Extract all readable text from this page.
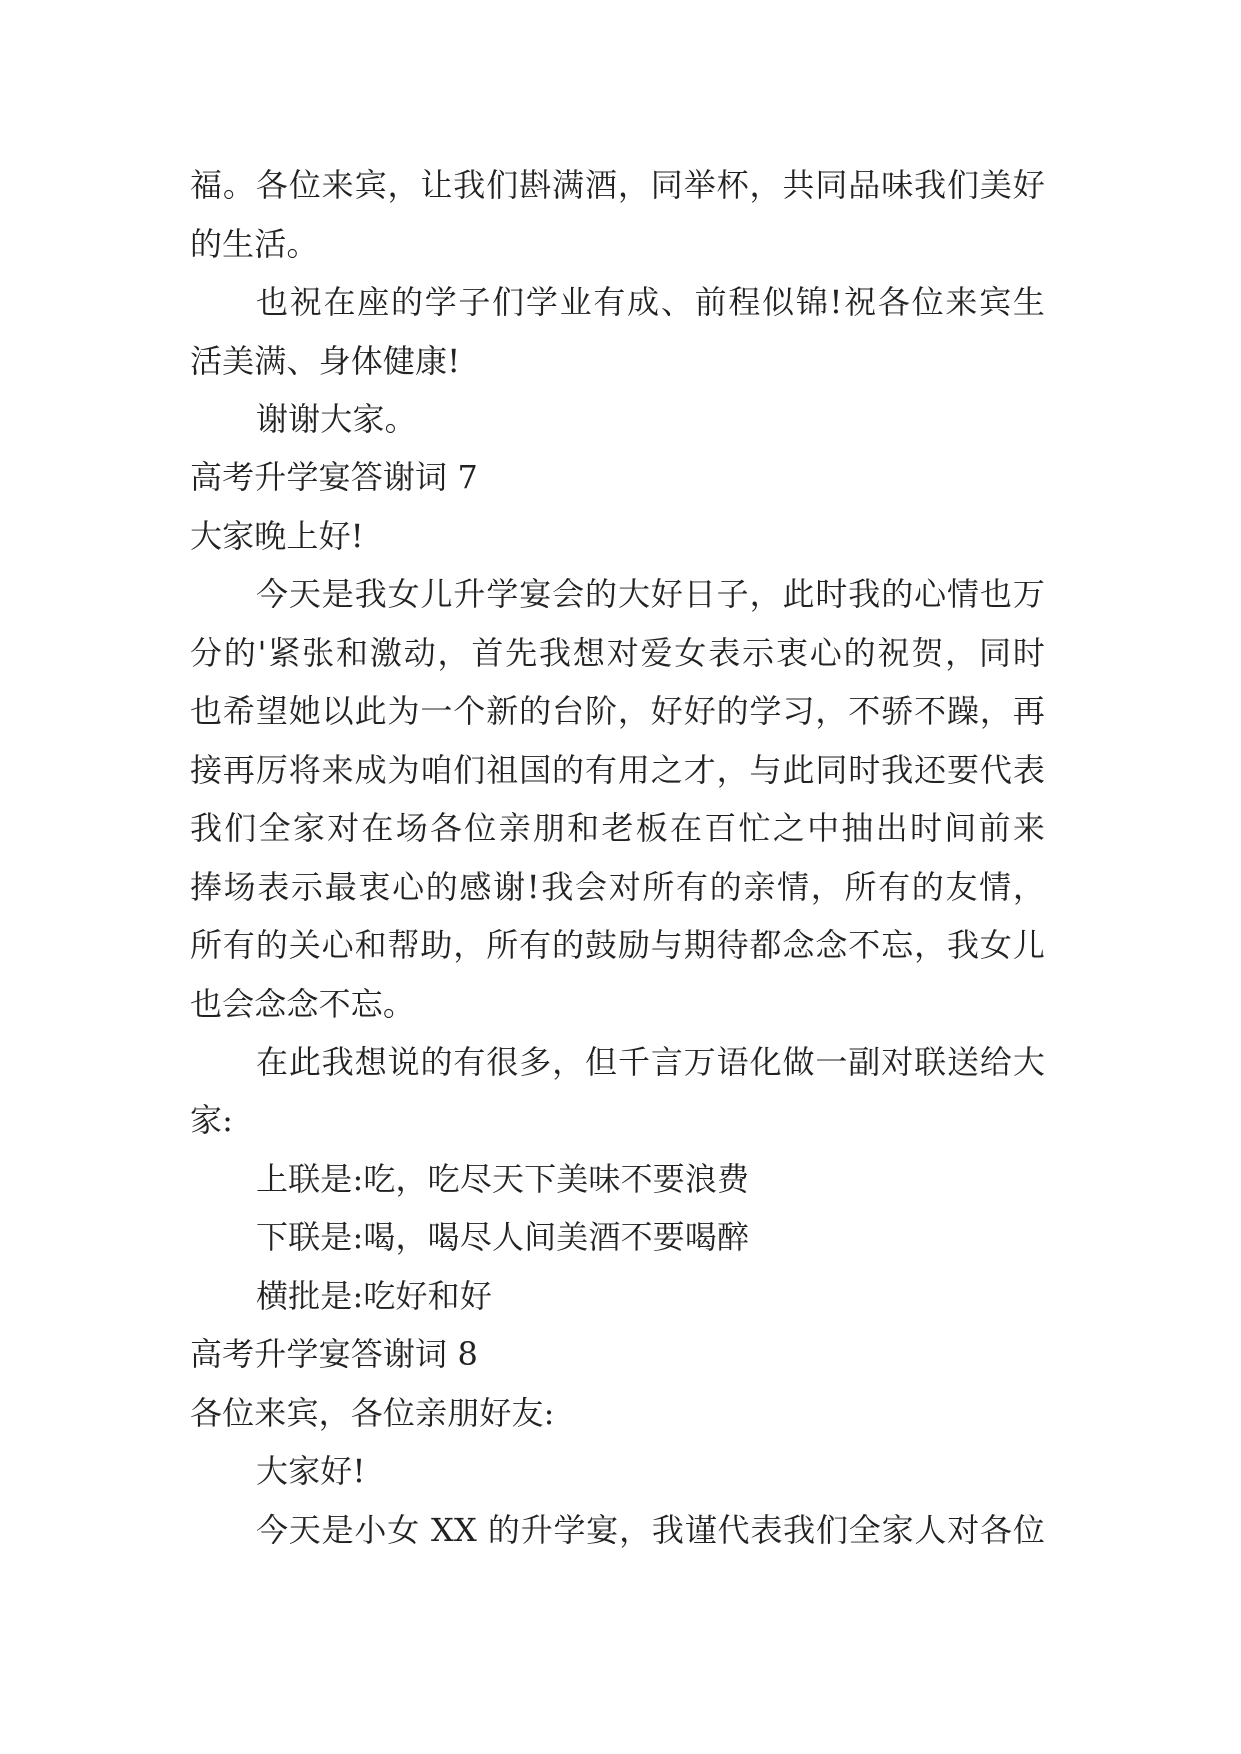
福。各位来宾，让我们斟满酒，同举杯，共同品味我们美好
的生活。
也祝在座的学子们学业有成、前程似锦!祝各位来宾生
活美满、身体健康!
谢谢大家。
高考升学宴答谢词 7
大家晚上好!
今天是我女儿升学宴会的大好日子，此时我的心情也万
分的'紧张和激动，首先我想对爱女表示衷心的祝贺，同时
也希望她以此为一个新的台阶，好好的学习，不骄不躁，再
接再厉将来成为咱们祖国的有用之才，与此同时我还要代表
我们全家对在场各位亲朋和老板在百忙之中抽出时间前来
捧场表示最衷心的感谢!我会对所有的亲情，所有的友情，
所有的关心和帮助，所有的鼓励与期待都念念不忘，我女儿
也会念念不忘。
在此我想说的有很多，但千言万语化做一副对联送给大
家:
上联是:吃，吃尽天下美味不要浪费
下联是:喝，喝尽人间美酒不要喝醉
横批是:吃好和好
高考升学宴答谢词 8
各位来宾，各位亲朋好友:
大家好!
今天是小女 XX 的升学宴，我谨代表我们全家人对各位
